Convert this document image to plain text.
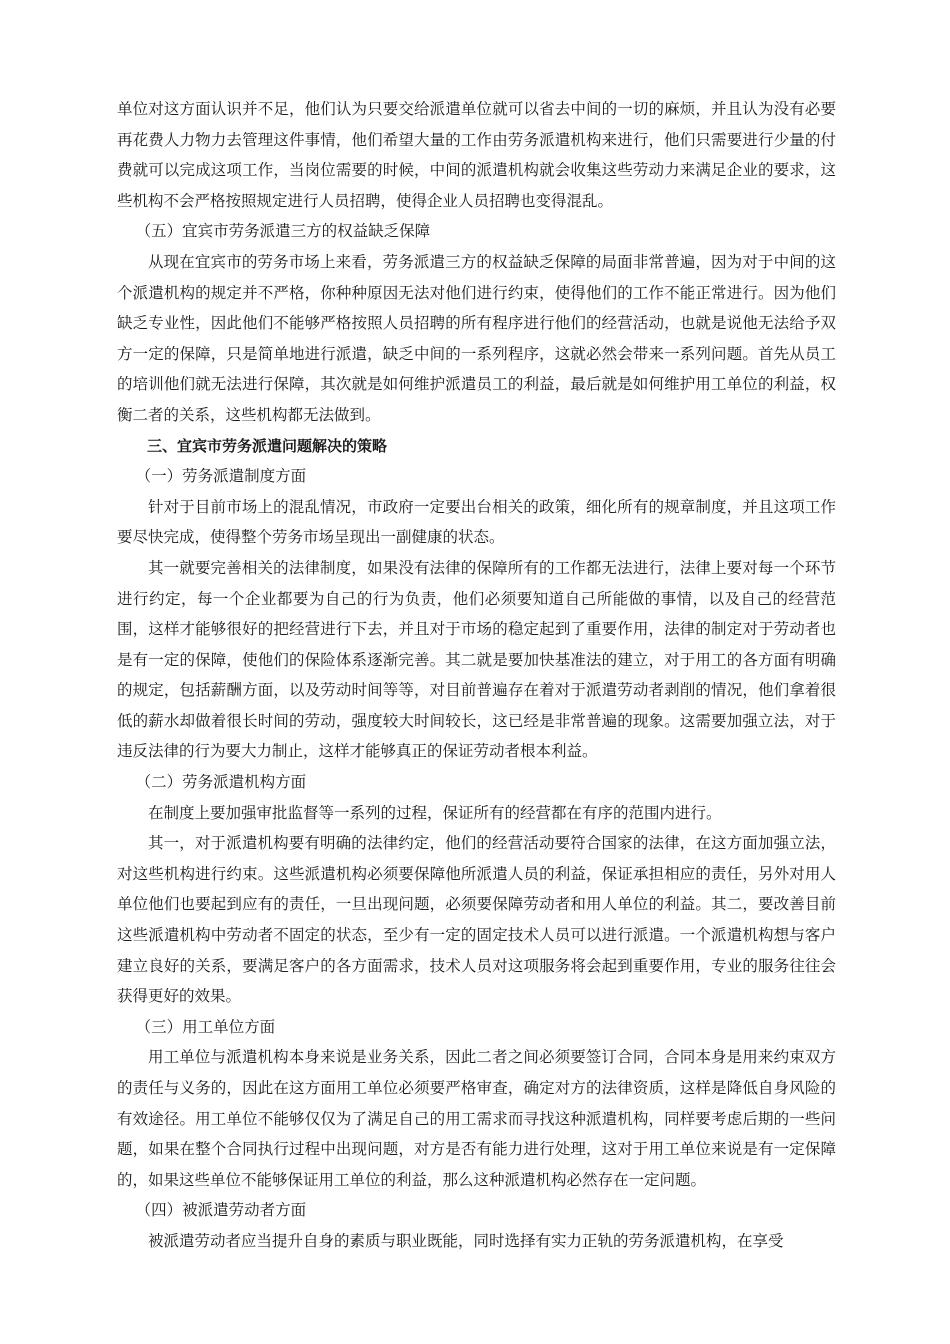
单位对这方面认识并不足，他们认为只要交给派遣单位就可以省去中间的一切的麻烦，并且认为没有必要再花费人力物力去管理这件事情，他们希望大量的工作由劳务派遣机构来进行，他们只需要进行少量的付费就可以完成这项工作，当岗位需要的时候，中间的派遣机构就会收集这些劳动力来满足企业的要求，这些机构不会严格按照规定进行人员招聘，使得企业人员招聘也变得混乱。

（五）宜宾市劳务派遣三方的权益缺乏保障

从现在宜宾市的劳务市场上来看，劳务派遣三方的权益缺乏保障的局面非常普遍，因为对于中间的这个派遣机构的规定并不严格，你种种原因无法对他们进行约束，使得他们的工作不能正常进行。因为他们缺乏专业性，因此他们不能够严格按照人员招聘的所有程序进行他们的经营活动，也就是说他无法给予双方一定的保障，只是简单地进行派遣，缺乏中间的一系列程序，这就必然会带来一系列问题。首先从员工的培训他们就无法进行保障，其次就是如何维护派遣员工的利益，最后就是如何维护用工单位的利益，权衡二者的关系，这些机构都无法做到。

三、宜宾市劳务派遣问题解决的策略

（一）劳务派遣制度方面

针对于目前市场上的混乱情况，市政府一定要出台相关的政策，细化所有的规章制度，并且这项工作要尽快完成，使得整个劳务市场呈现出一副健康的状态。

其一就要完善相关的法律制度，如果没有法律的保障所有的工作都无法进行，法律上要对每一个环节进行约定，每一个企业都要为自己的行为负责，他们必须要知道自己所能做的事情，以及自己的经营范围，这样才能够很好的把经营进行下去，并且对于市场的稳定起到了重要作用，法律的制定对于劳动者也是有一定的保障，使他们的保险体系逐渐完善。其二就是要加快基准法的建立，对于用工的各方面有明确的规定，包括薪酬方面，以及劳动时间等等，对目前普遍存在着对于派遣劳动者剥削的情况，他们拿着很低的薪水却做着很长时间的劳动，强度较大时间较长，这已经是非常普遍的现象。这需要加强立法，对于违反法律的行为要大力制止，这样才能够真正的保证劳动者根本利益。

（二）劳务派遣机构方面

在制度上要加强审批监督等一系列的过程，保证所有的经营都在有序的范围内进行。

其一，对于派遣机构要有明确的法律约定，他们的经营活动要符合国家的法律，在这方面加强立法，对这些机构进行约束。这些派遣机构必须要保障他所派遣人员的利益，保证承担相应的责任，另外对用人单位他们也要起到应有的责任，一旦出现问题，必须要保障劳动者和用人单位的利益。其二，要改善目前这些派遣机构中劳动者不固定的状态，至少有一定的固定技术人员可以进行派遣。一个派遣机构想与客户建立良好的关系，要满足客户的各方面需求，技术人员对这项服务将会起到重要作用，专业的服务往往会获得更好的效果。

（三）用工单位方面

用工单位与派遣机构本身来说是业务关系，因此二者之间必须要签订合同，合同本身是用来约束双方的责任与义务的，因此在这方面用工单位必须要严格审查，确定对方的法律资质，这样是降低自身风险的有效途径。用工单位不能够仅仅为了满足自己的用工需求而寻找这种派遣机构，同样要考虑后期的一些问题，如果在整个合同执行过程中出现问题，对方是否有能力进行处理，这对于用工单位来说是有一定保障的，如果这些单位不能够保证用工单位的利益，那么这种派遣机构必然存在一定问题。

（四）被派遣劳动者方面

被派遣劳动者应当提升自身的素质与职业既能，同时选择有实力正轨的劳务派遣机构，在享受
